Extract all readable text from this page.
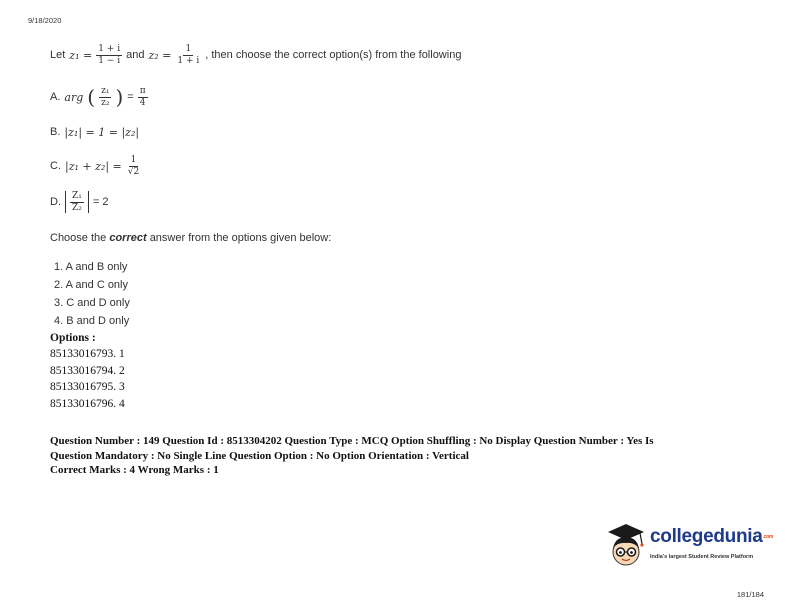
9/18/2020
Let $z_1 = \frac{1 + i}{1 - i}$ and $z_2 = \frac{1}{1 + i}$ , then choose the correct option(s) from the following
A. arg ( $\frac{\text{z₁}}{\text{z₂}}$ ) = $\frac{\pi}{4}$
B. |z₁| = 1 = |z₂|
C. $|z_1 + z_2| = \frac{1}{√2}$
D. $\frac{\text{Z₁}}{\text{Z₂}} = 2$
Choose the correct answer from the options given below:
1. A and B only
2. A and C only
3. C and D only
4. B and D only
Options :
85133016793. 1
85133016794. 2
85133016795. 3
85133016796. 4
Question Number : 149 Question Id : 8513304202 Question Type : MCQ Option Shuffling : No Display Question Number : Yes Is
Question Mandatory : No Single Line Question Option : No Option Orientation : Vertical
Correct Marks : 4 Wrong Marks : 1
collegedunia.com
India's largest Student Review Platform
181/184
